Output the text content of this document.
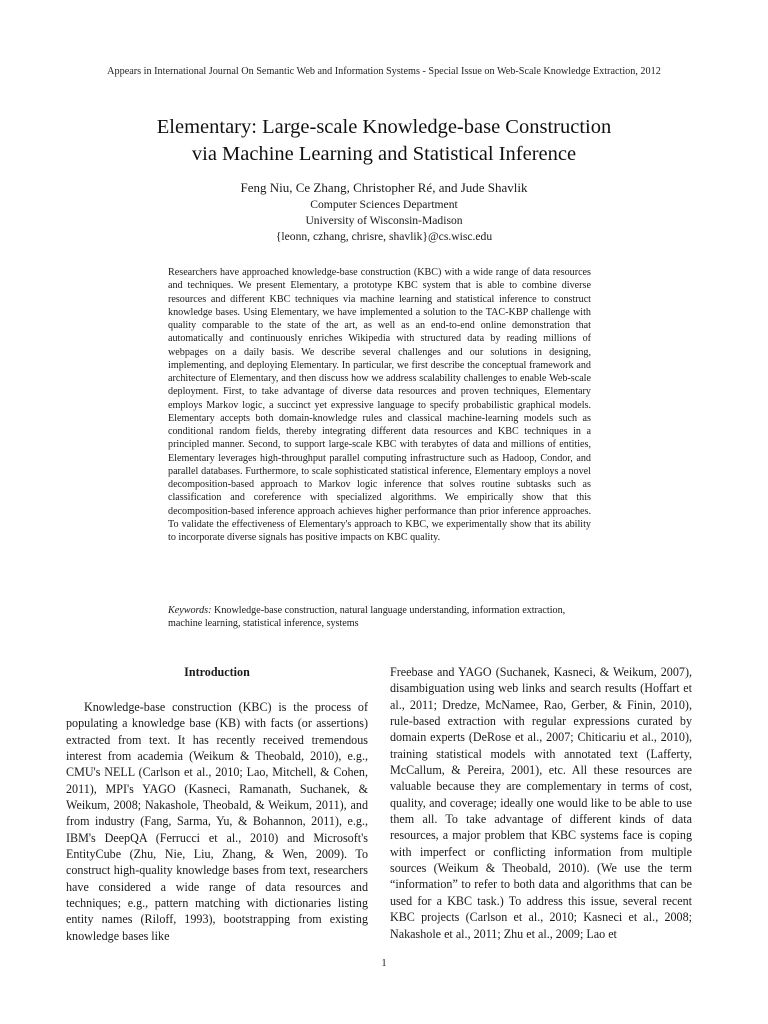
Appears in International Journal On Semantic Web and Information Systems - Special Issue on Web-Scale Knowledge Extraction, 2012
Elementary: Large-scale Knowledge-base Construction
via Machine Learning and Statistical Inference
Feng Niu, Ce Zhang, Christopher Ré, and Jude Shavlik
Computer Sciences Department
University of Wisconsin-Madison
{leonn, czhang, chrisre, shavlik}@cs.wisc.edu

Researchers have approached knowledge-base construction (KBC) with a wide range of data resources and techniques. We present Elementary, a prototype KBC system that is able to combine diverse resources and different KBC techniques via machine learning and statistical inference to construct knowledge bases. Using Elementary, we have implemented a solution to the TAC-KBP challenge with quality comparable to the state of the art, as well as an end-to-end online demonstration that automatically and continuously enriches Wikipedia with structured data by reading millions of webpages on a daily basis. We describe several challenges and our solutions in designing, implementing, and deploying Elementary. In particular, we first describe the conceptual framework and architecture of Elementary, and then discuss how we address scalability challenges to enable Web-scale deployment. First, to take advantage of diverse data resources and proven techniques, Elementary employs Markov logic, a succinct yet expressive language to specify probabilistic graphical models. Elementary accepts both domain-knowledge rules and classical machine-learning models such as conditional random fields, thereby integrating different data resources and KBC techniques in a principled manner. Second, to support large-scale KBC with terabytes of data and millions of entities, Elementary leverages high-throughput parallel computing infrastructure such as Hadoop, Condor, and parallel databases. Furthermore, to scale sophisticated statistical inference, Elementary employs a novel decomposition-based approach to Markov logic inference that solves routine subtasks such as classification and coreference with specialized algorithms. We empirically show that this decomposition-based inference approach achieves higher performance than prior inference approaches. To validate the effectiveness of Elementary's approach to KBC, we experimentally show that its ability to incorporate diverse signals has positive impacts on KBC quality.

Keywords: Knowledge-base construction, natural language understanding, information extraction, machine learning, statistical inference, systems

Introduction

Knowledge-base construction (KBC) is the process of populating a knowledge base (KB) with facts (or assertions) extracted from text. It has recently received tremendous interest from academia (Weikum & Theobald, 2010), e.g., CMU's NELL (Carlson et al., 2010; Lao, Mitchell, & Cohen, 2011), MPI's YAGO (Kasneci, Ramanath, Suchanek, & Weikum, 2008; Nakashole, Theobald, & Weikum, 2011), and from industry (Fang, Sarma, Yu, & Bohannon, 2011), e.g., IBM's DeepQA (Ferrucci et al., 2010) and Microsoft's EntityCube (Zhu, Nie, Liu, Zhang, & Wen, 2009). To construct high-quality knowledge bases from text, researchers have considered a wide range of data resources and techniques; e.g., pattern matching with dictionaries listing entity names (Riloff, 1993), bootstrapping from existing knowledge bases like

Freebase and YAGO (Suchanek, Kasneci, & Weikum, 2007), disambiguation using web links and search results (Hoffart et al., 2011; Dredze, McNamee, Rao, Gerber, & Finin, 2010), rule-based extraction with regular expressions curated by domain experts (DeRose et al., 2007; Chiticariu et al., 2010), training statistical models with annotated text (Lafferty, McCallum, & Pereira, 2001), etc. All these resources are valuable because they are complementary in terms of cost, quality, and coverage; ideally one would like to be able to use them all. To take advantage of different kinds of data resources, a major problem that KBC systems face is coping with imperfect or conflicting information from multiple sources (Weikum & Theobald, 2010). (We use the term “information” to refer to both data and algorithms that can be used for a KBC task.) To address this issue, several recent KBC projects (Carlson et al., 2010; Kasneci et al., 2008; Nakashole et al., 2011; Zhu et al., 2009; Lao et

1
